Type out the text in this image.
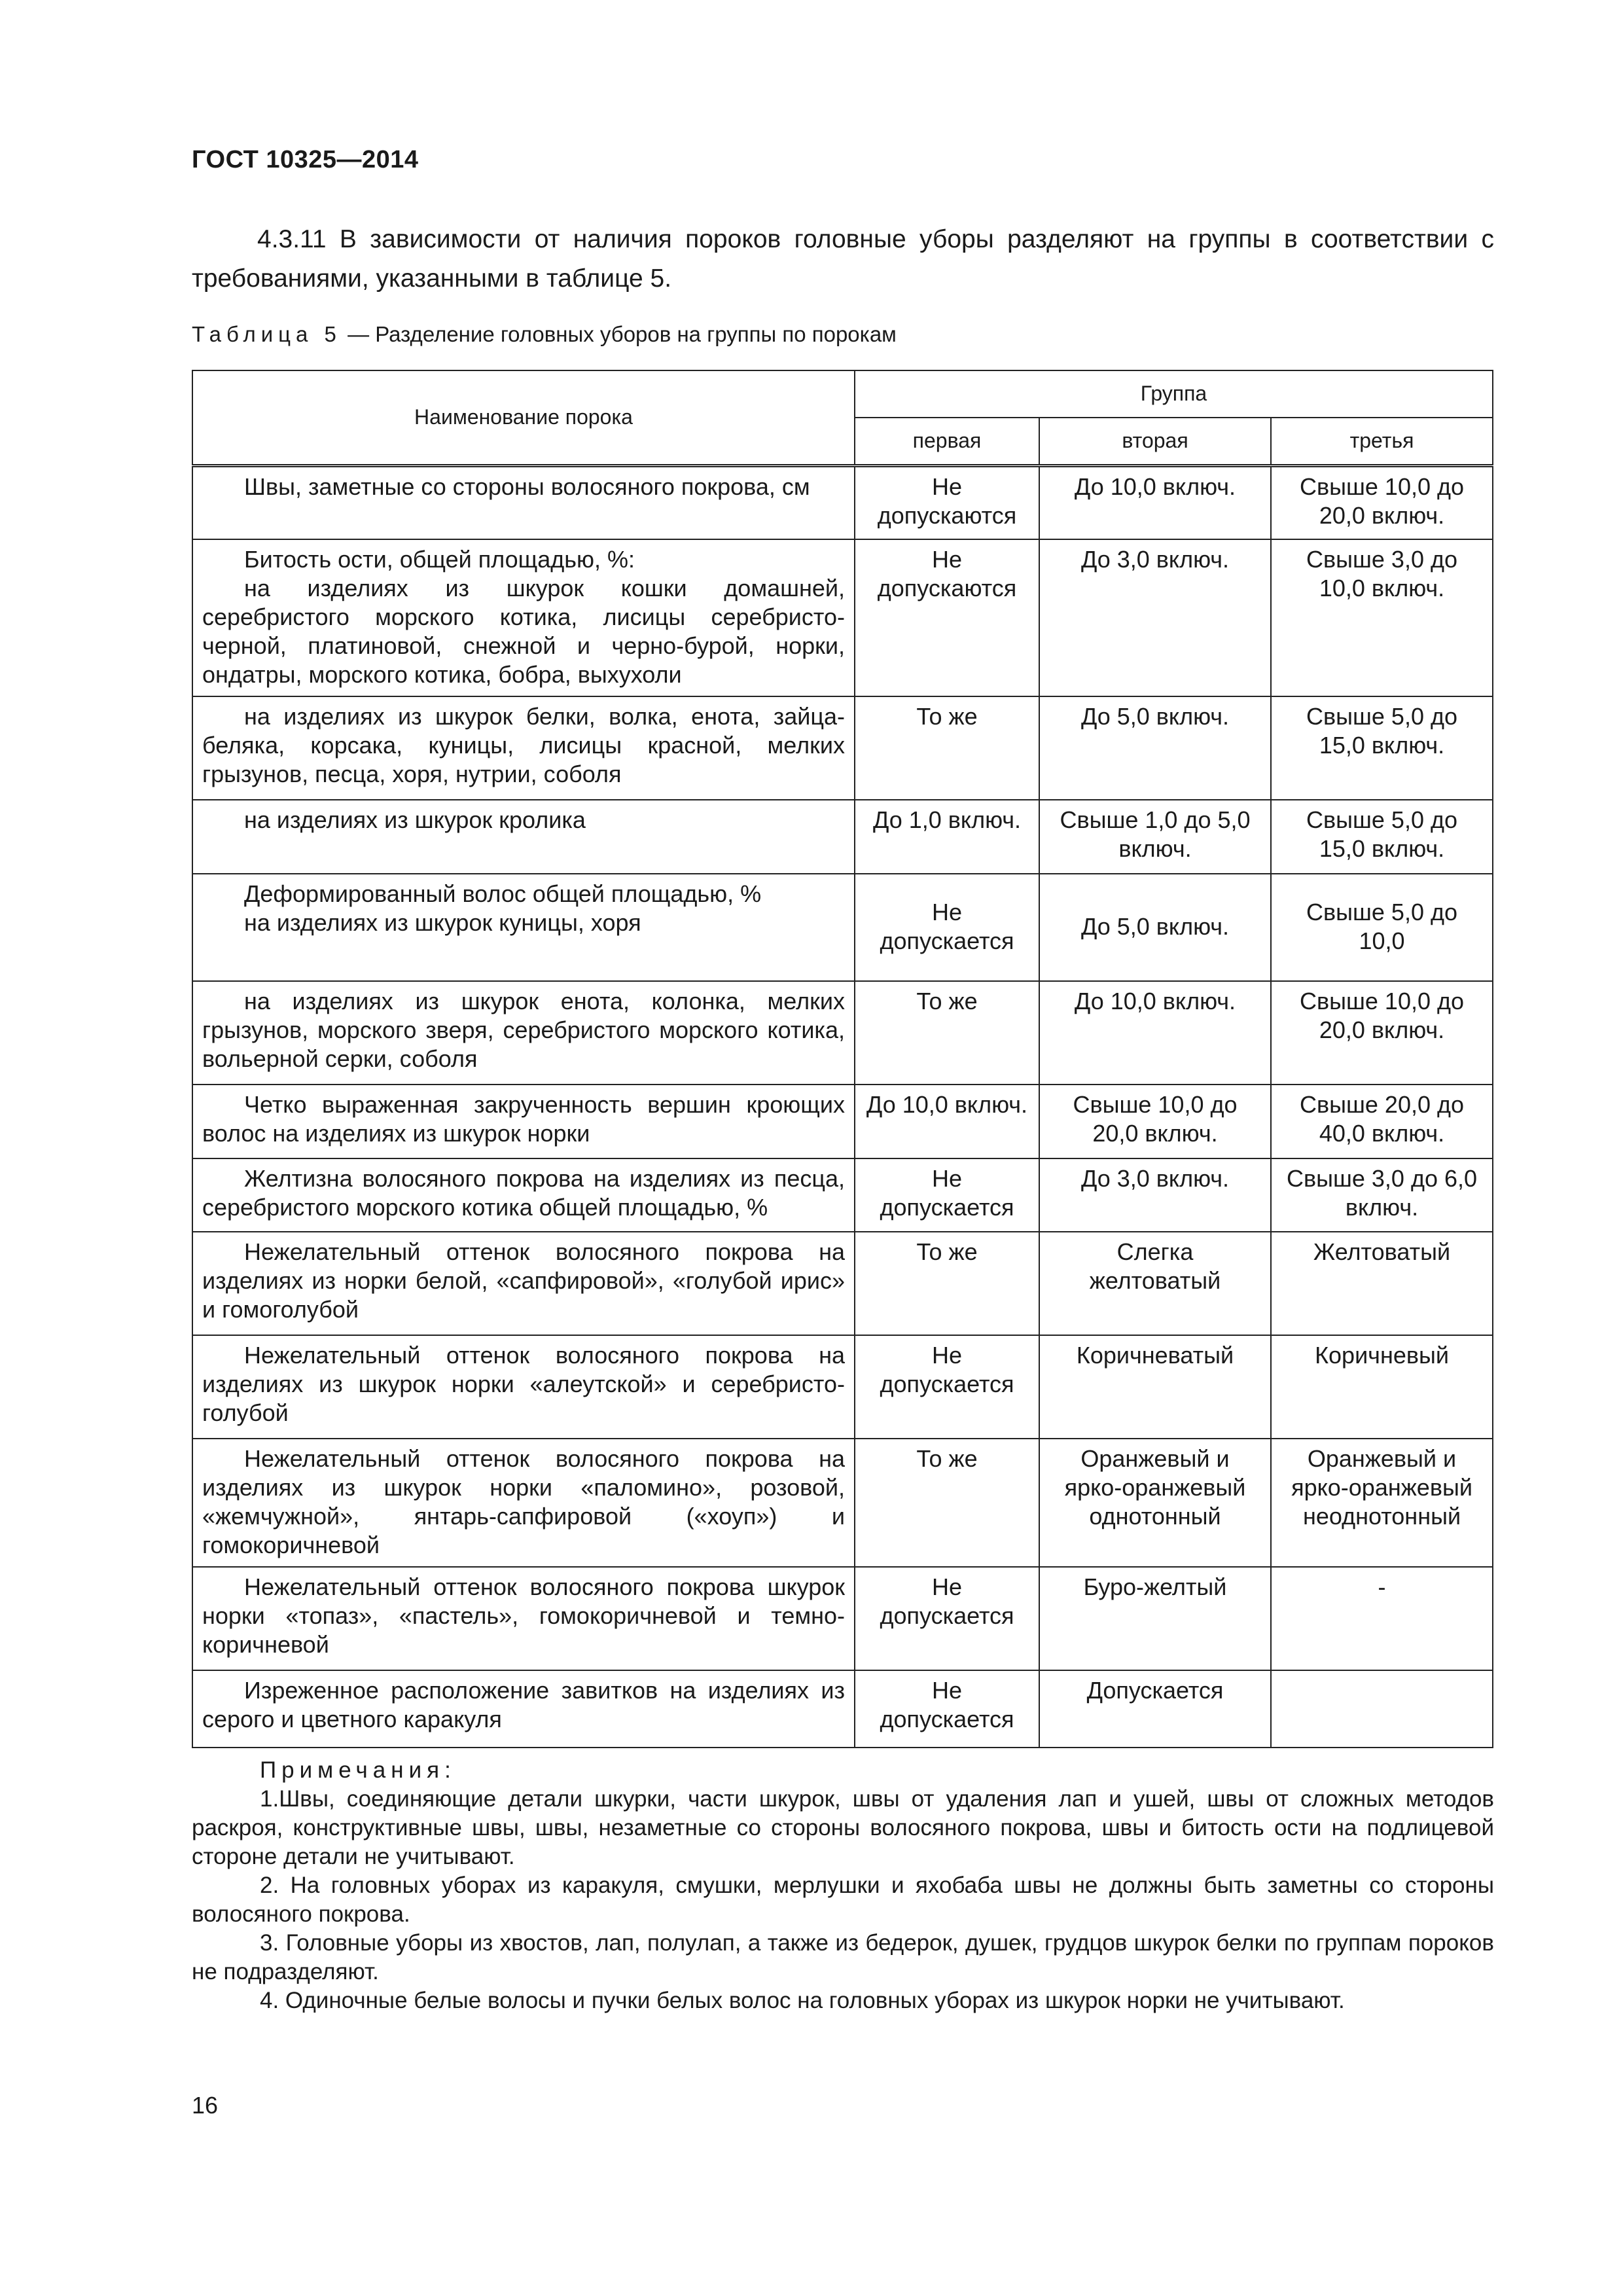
ГОСТ 10325—2014
4.3.11 В зависимости от наличия пороков головные уборы разделяют на группы в соответствии с требованиями, указанными в таблице 5.
Таблица 5 — Разделение головных уборов на группы по порокам
Наименование порока	Группа		
	первая	вторая	третья

Швы, заметные со стороны волосяного покрова, см	Не допускаются	До 10,0 включ.	Свыше 10,0 до 20,0 включ.

Битость ости, общей площадью, %:
на изделиях из шкурок кошки домашней, серебристого морского котика, лисицы серебристо-черной, платиновой, снежной и черно-бурой, норки, ондатры, морского котика, бобра, выхухоли	Не допускаются	До 3,0 включ.	Свыше 3,0 до 10,0 включ.

на изделиях из шкурок белки, волка, енота, зайца-беляка, корсака, куницы, лисицы красной, мелких грызунов, песца, хоря, нутрии, соболя	То же	До 5,0 включ.	Свыше 5,0 до 15,0 включ.

на изделиях из шкурок кролика	До 1,0 включ.	Свыше 1,0 до 5,0 включ.	Свыше 5,0 до 15,0 включ.

Деформированный волос общей площадью, %
на изделиях из шкурок куницы, хоря	Не допускается	До 5,0 включ.	Свыше 5,0 до 10,0

на изделиях из шкурок енота, колонка, мелких грызунов, морского зверя, серебристого морского котика, вольерной серки, соболя	То же	До 10,0 включ.	Свыше 10,0 до 20,0 включ.

Четко выраженная закрученность вершин кроющих волос на изделиях из шкурок норки	До 10,0 включ.	Свыше 10,0 до 20,0 включ.	Свыше 20,0 до 40,0 включ.

Желтизна волосяного покрова на изделиях из песца, серебристого морского котика общей площадью, %	Не допускается	До 3,0 включ.	Свыше 3,0 до 6,0 включ.

Нежелательный оттенок волосяного покрова на изделиях из норки белой, «сапфировой», «голубой ирис» и гомоголубой	То же	Слегка желтоватый	Желтоватый

Нежелательный оттенок волосяного покрова на изделиях из шкурок норки «алеутской» и серебристо-голубой	Не допускается	Коричневатый	Коричневый

Нежелательный оттенок волосяного покрова на изделиях из шкурок норки «паломино», розовой, «жемчужной», янтарь-сапфировой («хоуп») и гомокоричневой	То же	Оранжевый и ярко-оранжевый однотонный	Оранжевый и ярко-оранжевый неоднотонный

Нежелательный оттенок волосяного покрова шкурок норки «топаз», «пастель», гомокоричневой и темно-коричневой	Не допускается	Буро-желтый	-

Изреженное расположение завитков на изделиях из серого и цветного каракуля	Не допускается	Допускается	
Примечания:
1.Швы, соединяющие детали шкурки, части шкурок, швы от удаления лап и ушей, швы от сложных методов раскроя, конструктивные швы, швы, незаметные со стороны волосяного покрова, швы и битость ости на подлицевой стороне детали не учитывают.
2. На головных уборах из каракуля, смушки, мерлушки и яхобаба швы не должны быть заметны со стороны волосяного покрова.
3. Головные уборы из хвостов, лап, полулап, а также из бедерок, душек, грудцов шкурок белки по группам пороков не подразделяют.
4. Одиночные белые волосы и пучки белых волос на головных уборах из шкурок норки не учитывают.
16
